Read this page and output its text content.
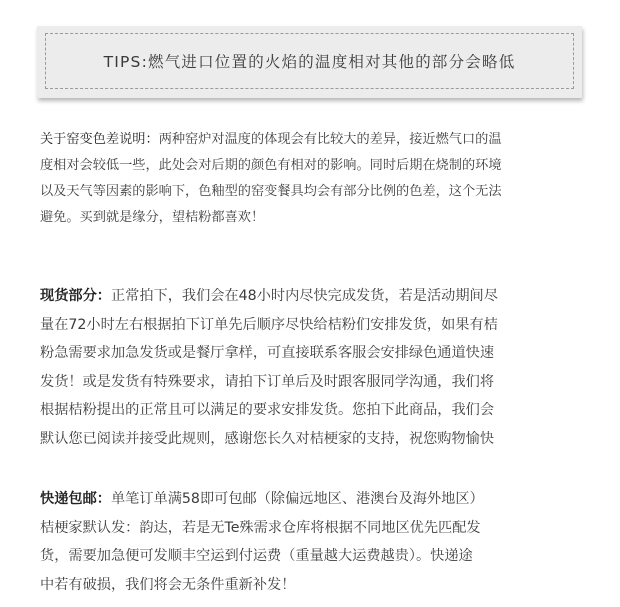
TIPS:燃气进口位置的火焰的温度相对其他的部分会略低
关于窑变色差说明：两种窑炉对温度的体现会有比较大的差异，接近燃气口的温
度相对会较低一些，此处会对后期的颜色有相对的影响。同时后期在烧制的环境
以及天气等因素的影响下，色釉型的窑变餐具均会有部分比例的色差，这个无法
避免。买到就是缘分，望桔粉都喜欢！
现货部分：正常拍下，我们会在48小时内尽快完成发货，若是活动期间尽
量在72小时左右根据拍下订单先后顺序尽快给桔粉们安排发货，如果有桔
粉急需要求加急发货或是餐厅拿样，可直接联系客服会安排绿色通道快速
发货！或是发货有特殊要求，请拍下订单后及时跟客服同学沟通，我们将
根据桔粉提出的正常且可以满足的要求安排发货。您拍下此商品，我们会
默认您已阅读并接受此规则，感谢您长久对桔梗家的支持，祝您购物愉快
快递包邮：单笔订单满58即可包邮（除偏远地区、港澳台及海外地区）
桔梗家默认发：韵达，若是无Te殊需求仓库将根据不同地区优先匹配发
货，需要加急便可发顺丰空运到付运费（重量越大运费越贵）。快递途
中若有破损，我们将会无条件重新补发！
